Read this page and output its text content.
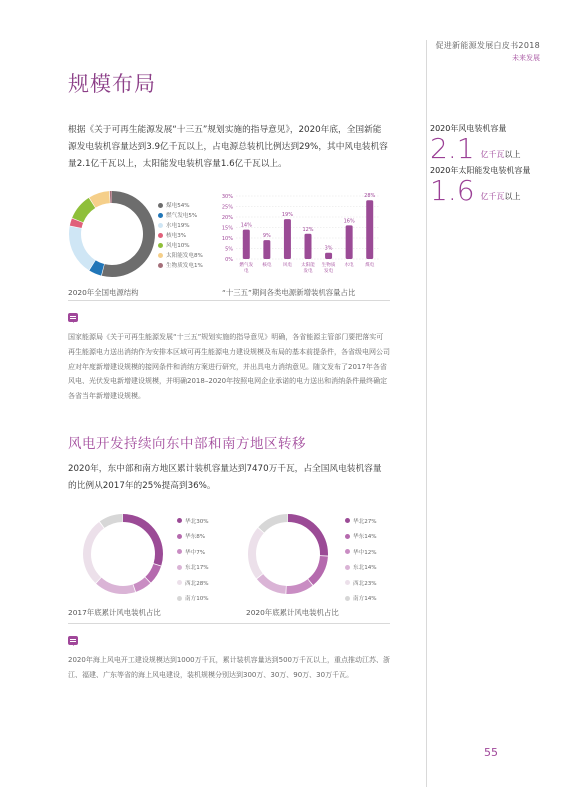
促进新能源发展白皮书2018
未来发展
规模布局
根据《关于可再生能源发展“十三五”规划实施的指导意见》，2020年底，全国新能源发电装机容量达到3.9亿千瓦以上，占电源总装机比例达到29%，其中风电装机容量2.1亿千瓦以上，太阳能发电装机容量1.6亿千瓦以上。
2020年风电装机容量
2.1 亿千瓦以上
2020年太阳能发电装机容量
1.6 亿千瓦以上
煤电54%
燃气发电5%
水电19%
核电3%
风电10%
太阳能发电8%
生物质发电1%
2020年全国电源结构
0%
5%
10%
15%
20%
25%
30%
14%
燃气发
电
9%
核电
19%
风电
12%
太阳能
发电
3%
生物质
发电
16%
水电
28%
煤电
“十三五”期间各类电源新增装机容量占比
国家能源局《关于可再生能源发展“十三五”规划实施的指导意见》明确，各省能源主管部门要把落实可再生能源电力送出消纳作为安排本区域可再生能源电力建设规模及布局的基本前提条件，各省级电网公司应对年度新增建设规模的接网条件和消纳方案进行研究，并出具电力消纳意见。随文发布了2017年各省风电、光伏发电新增建设规模，并明确2018–2020年按照电网企业承诺的电力送出和消纳条件最终确定各省当年新增建设规模。
风电开发持续向东中部和南方地区转移
2020年，东中部和南方地区累计装机容量达到7470万千瓦，占全国风电装机容量的比例从2017年的25%提高到36%。
华北30%
华东8%
华中7%
东北17%
西北28%
南方10%
2017年底累计风电装机占比
华北27%
华东14%
华中12%
东北14%
西北23%
南方14%
2020年底累计风电装机占比
2020年海上风电开工建设规模达到1000万千瓦，累计装机容量达到500万千瓦以上，重点推动江苏、浙江、福建、广东等省的海上风电建设，装机规模分别达到300万、30万、90万、30万千瓦。
55
